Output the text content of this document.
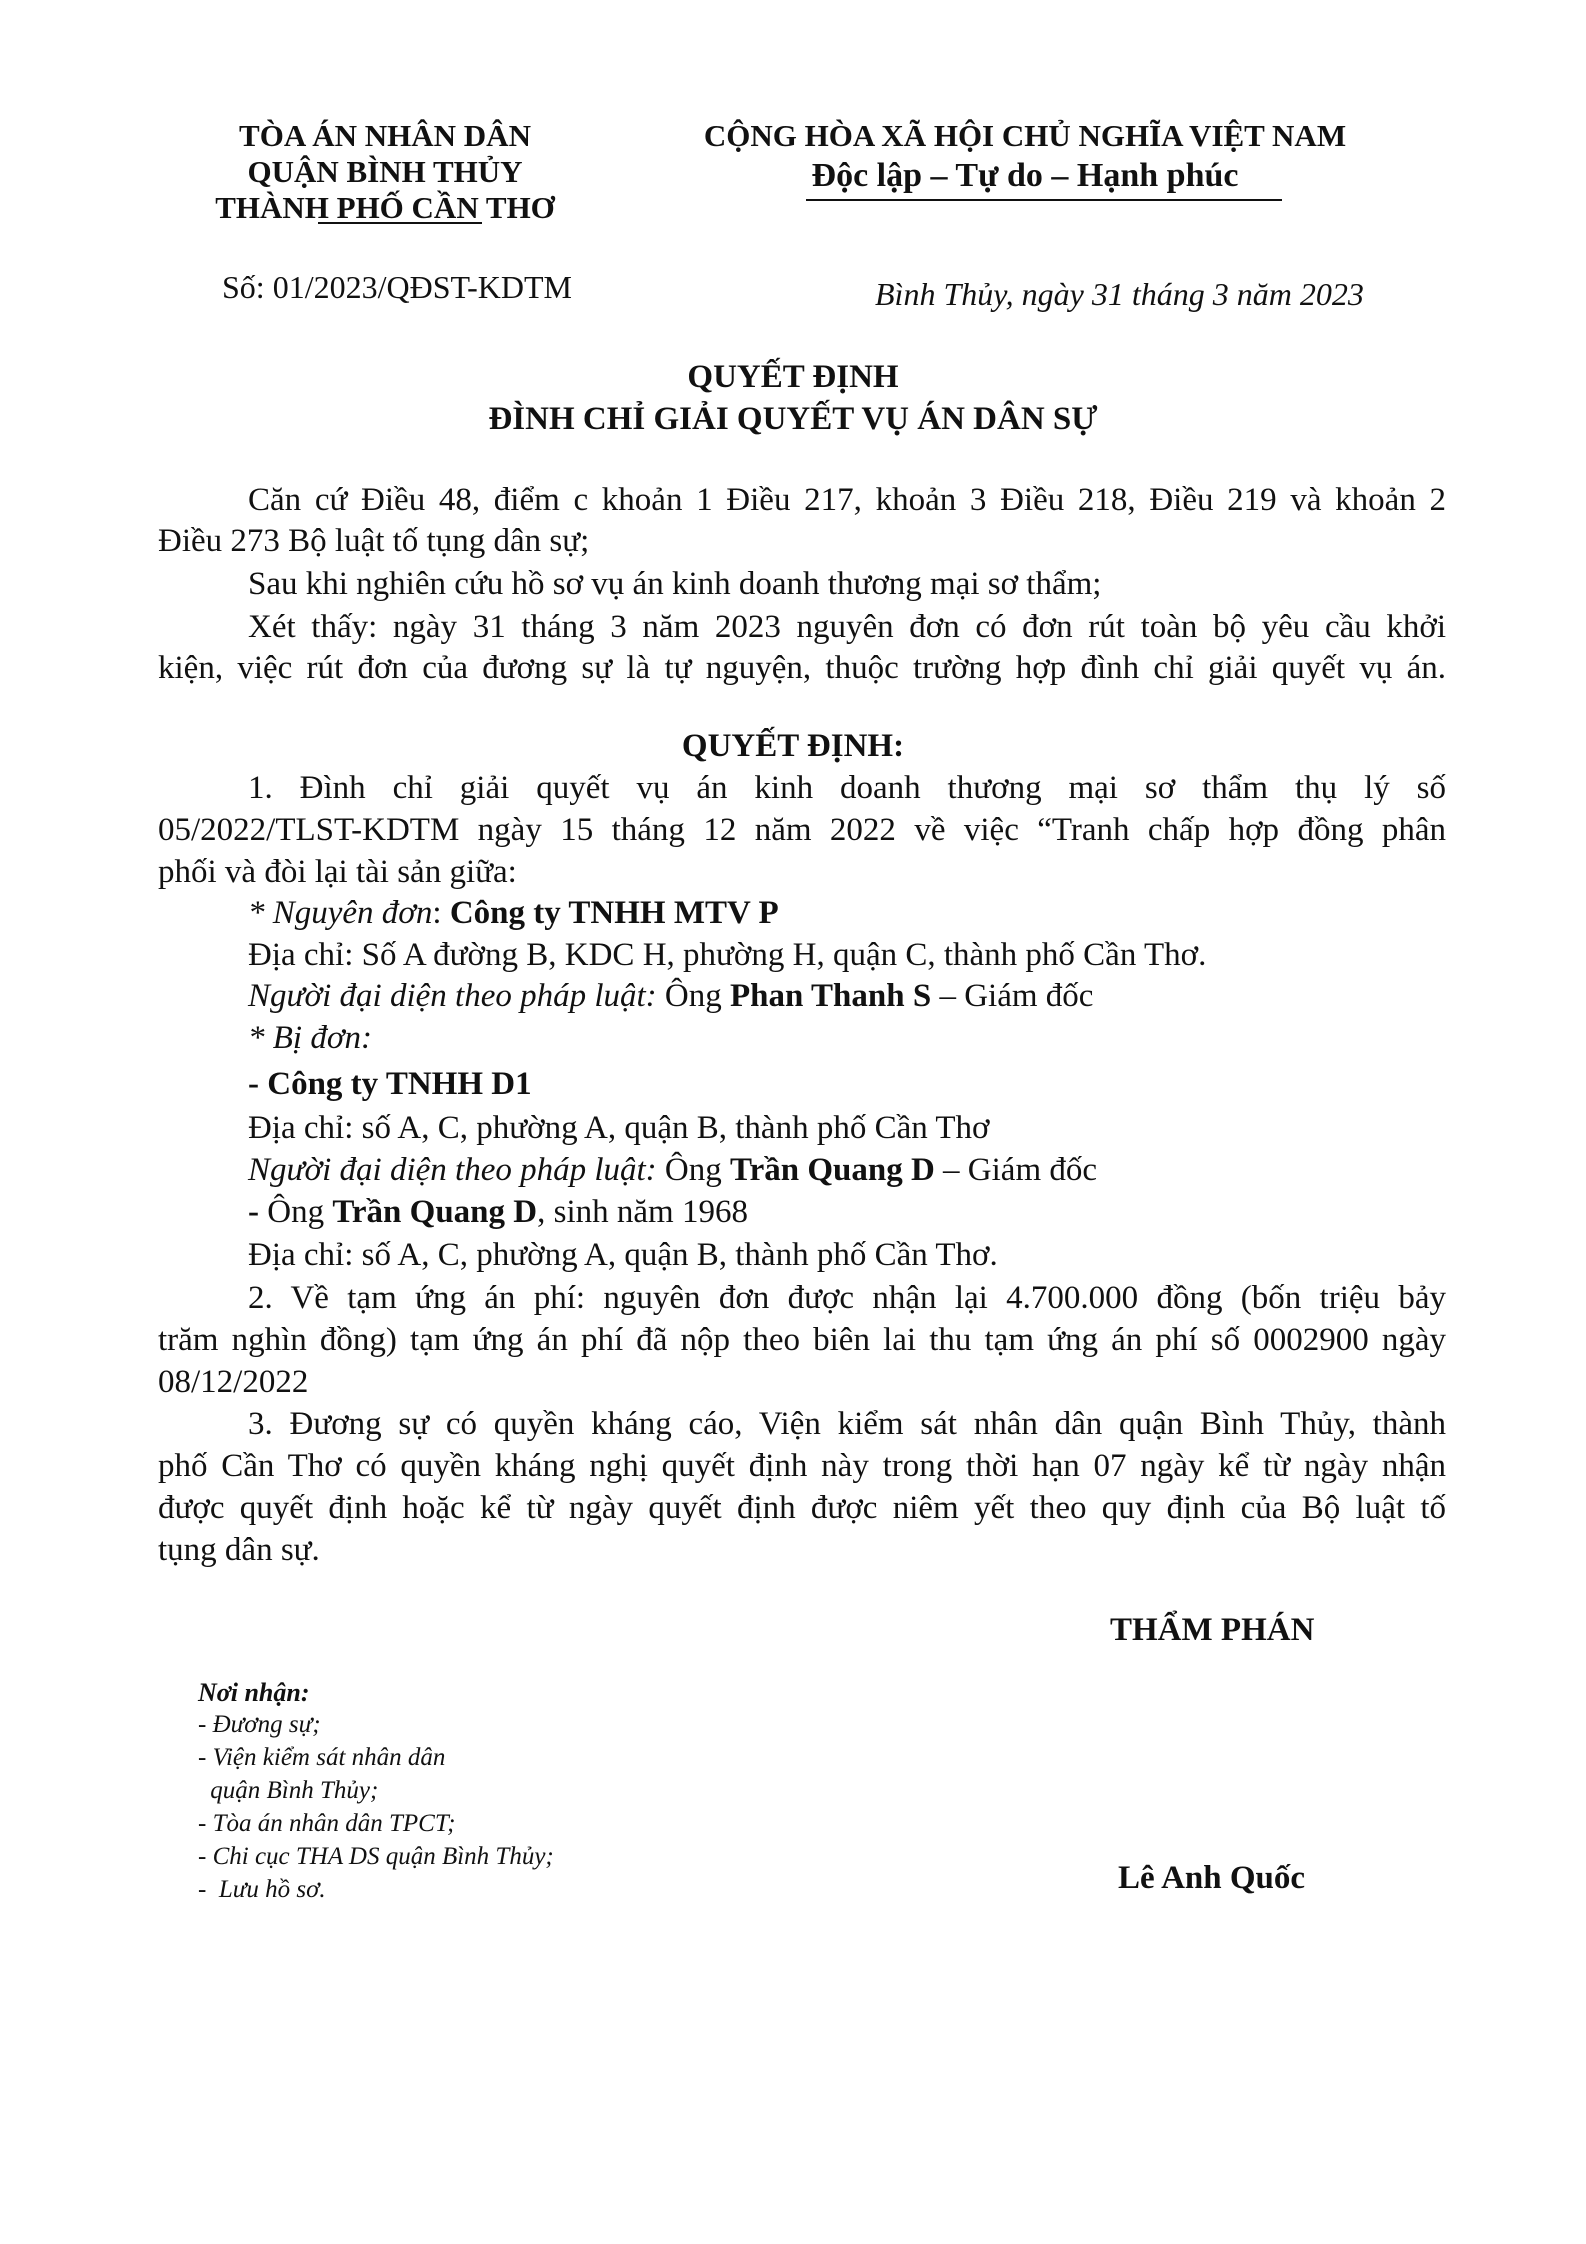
TÒA ÁN NHÂN DÂN
QUẬN BÌNH THỦY
THÀNH PHỐ CẦN THƠ
CỘNG HÒA XÃ HỘI CHỦ NGHĨA VIỆT NAM
Độc lập – Tự do – Hạnh phúc
Số: 01/2023/QĐST-KDTM	Bình Thủy, ngày 31 tháng 3 năm 2023
QUYẾT ĐỊNH
ĐÌNH CHỈ GIẢI QUYẾT VỤ ÁN DÂN SỰ
Căn cứ Điều 48, điểm c khoản 1 Điều 217, khoản 3 Điều 218, Điều 219 và khoản 2
Điều 273 Bộ luật tố tụng dân sự;
Sau khi nghiên cứu hồ sơ vụ án kinh doanh thương mại sơ thẩm;
Xét thấy: ngày 31 tháng 3 năm 2023 nguyên đơn có đơn rút toàn bộ yêu cầu khởi
kiện, việc rút đơn của đương sự là tự nguyện, thuộc trường hợp đình chỉ giải quyết vụ án.
QUYẾT ĐỊNH:
1. Đình chỉ giải quyết vụ án kinh doanh thương mại sơ thẩm thụ lý số
05/2022/TLST-KDTM ngày 15 tháng 12 năm 2022 về việc “Tranh chấp hợp đồng phân
phối và đòi lại tài sản giữa:
* Nguyên đơn: Công ty TNHH MTV P
Địa chỉ: Số A đường B, KDC H, phường H, quận C, thành phố Cần Thơ.
Người đại diện theo pháp luật: Ông Phan Thanh S – Giám đốc
* Bị đơn:
- Công ty TNHH D1
Địa chỉ: số A, C, phường A, quận B, thành phố Cần Thơ
Người đại diện theo pháp luật: Ông Trần Quang D – Giám đốc
- Ông Trần Quang D, sinh năm 1968
Địa chỉ: số A, C, phường A, quận B, thành phố Cần Thơ.
2. Về tạm ứng án phí: nguyên đơn được nhận lại 4.700.000 đồng (bốn triệu bảy
trăm nghìn đồng) tạm ứng án phí đã nộp theo biên lai thu tạm ứng án phí số 0002900 ngày
08/12/2022
3. Đương sự có quyền kháng cáo, Viện kiểm sát nhân dân quận Bình Thủy, thành
phố Cần Thơ có quyền kháng nghị quyết định này trong thời hạn 07 ngày kể từ ngày nhận
được quyết định hoặc kể từ ngày quyết định được niêm yết theo quy định của Bộ luật tố
tụng dân sự.
THẨM PHÁN
Lê Anh Quốc
Nơi nhận:
- Đương sự;
- Viện kiểm sát nhân dân
quận Bình Thủy;
- Tòa án nhân dân TPCT;
- Chi cục THA DS quận Bình Thủy;
-  Lưu hồ sơ.
